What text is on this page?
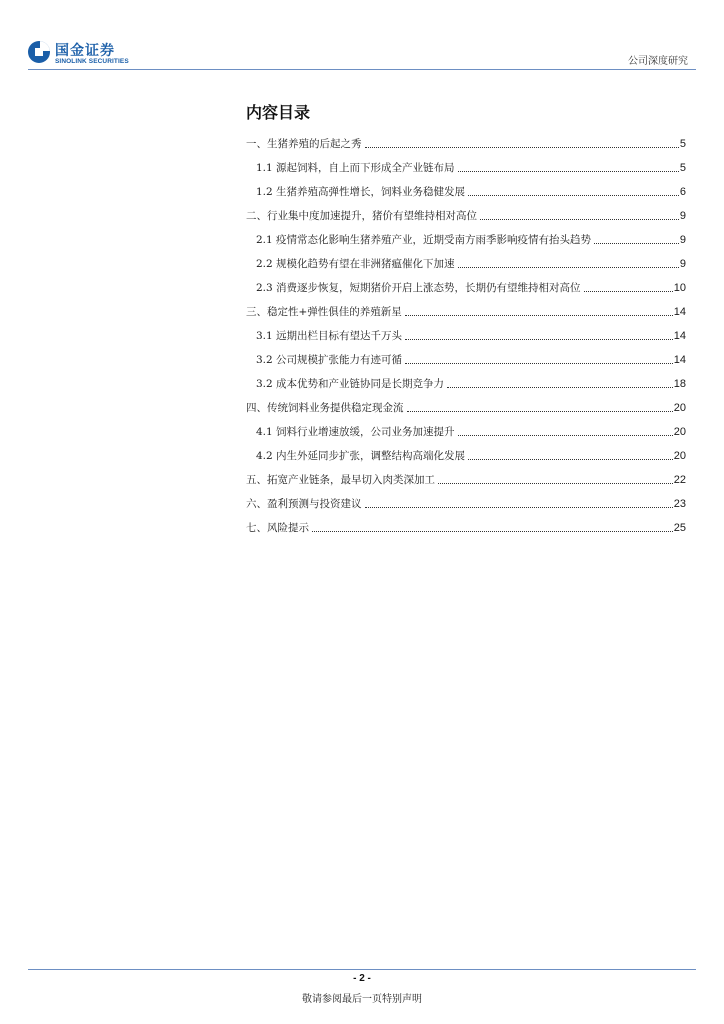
国金证券
SINOLINK SECURITIES	公司深度研究
内容目录
一、生猪养殖的后起之秀	5
1.1 源起饲料，自上而下形成全产业链布局	5
1.2 生猪养殖高弹性增长，饲料业务稳健发展	6
二、行业集中度加速提升，猪价有望维持相对高位	9
2.1 疫情常态化影响生猪养殖产业，近期受南方雨季影响疫情有抬头趋势	9
2.2 规模化趋势有望在非洲猪瘟催化下加速	9
2.3 消费逐步恢复，短期猪价开启上涨态势，长期仍有望维持相对高位	10
三、稳定性+弹性俱佳的养殖新星	14
3.1 远期出栏目标有望达千万头	14
3.2 公司规模扩张能力有迹可循	14
3.2 成本优势和产业链协同是长期竞争力	18
四、传统饲料业务提供稳定现金流	20
4.1 饲料行业增速放缓，公司业务加速提升	20
4.2 内生外延同步扩张，调整结构高端化发展	20
五、拓宽产业链条，最早切入肉类深加工	22
六、盈利预测与投资建议	23
七、风险提示	25
- 2 -
敬请参阅最后一页特别声明
